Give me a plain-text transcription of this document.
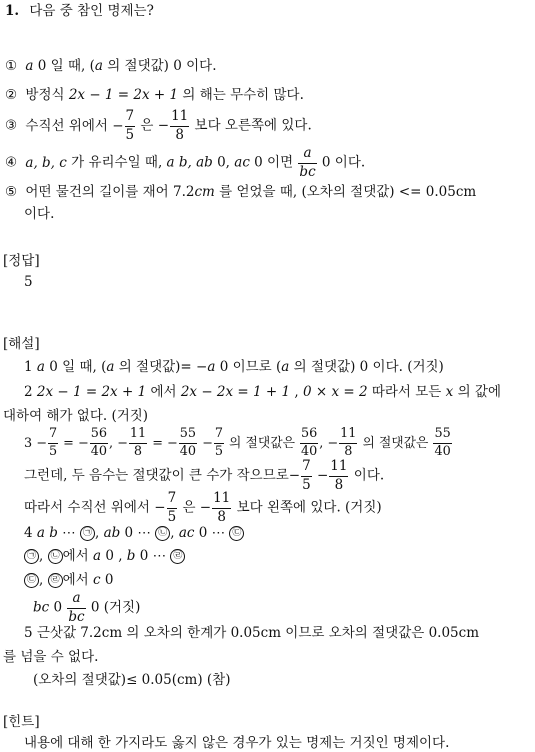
1. 다음 중 참인 명제는?
① a 0 일 때, (a 의 절댓값) 0 이다.
② 방정식 2x − 1 = 2x + 1 의 해는 무수히 많다.
③ 수직선 위에서 − $\frac{7}{5}$ 은 − $\frac{11}{8}$ 보다 오른쪽에 있다.
④ a, b, c 가 유리수일 때, a b, ab 0, ac 0 이면 $\frac{a}{bc} 0$ 이다.
⑤ 어떤 물건의 길이를 재어 7.2cm 를 얻었을 때, (오차의 절댓값) <= 0.05cm
이다.
[정답]
5
[해설]
1 a 0 일 때, (a 의 절댓값)= −a 0 이므로 (a 의 절댓값) 0 이다. (거짓)
2 2x − 1 = 2x + 1 에서 2x − 2x = 1 + 1 , 0 × x = 2 따라서 모든 x 의 값에
대하여 해가 없다. (거짓)
$3 - \frac{7}{5}$ = − $\frac{56}{40}$ , − $\frac{11}{8}$ = − $\frac{55}{40} - \frac{7}{5}$ 의 절댓값은 $\frac{56}{40}$ , − $\frac{11}{8}$ 의 절댓값은 $\frac{55}{40}$
그런데, 두 음수는 절댓값이 큰 수가 작으므로− $\frac{7}{5} - \frac{11}{8}$ 이다.
따라서 수직선 위에서 − $\frac{7}{5}$ 은 − $\frac{11}{8}$ 보다 왼쪽에 있다. (거짓)
4 a b ⋯ ㉠ , ab 0 ⋯ ㉡ , ac 0 ⋯ ㉢
㉠ , ㉡ 에서 a 0 , b 0 ⋯ ㉣
㉢ , ㉣ 에서 c 0
bc $0 \frac{a}{bc} 0$ (거짓)
5 근삿값 7.2cm 의 오차의 한계가 0.05cm 이므로 오차의 절댓값은 0.05cm
를 넘을 수 없다.
(오차의 절댓값)≤ 0.05(cm) (참)
[힌트]
내용에 대해 한 가지라도 옳지 않은 경우가 있는 명제는 거짓인 명제이다.
